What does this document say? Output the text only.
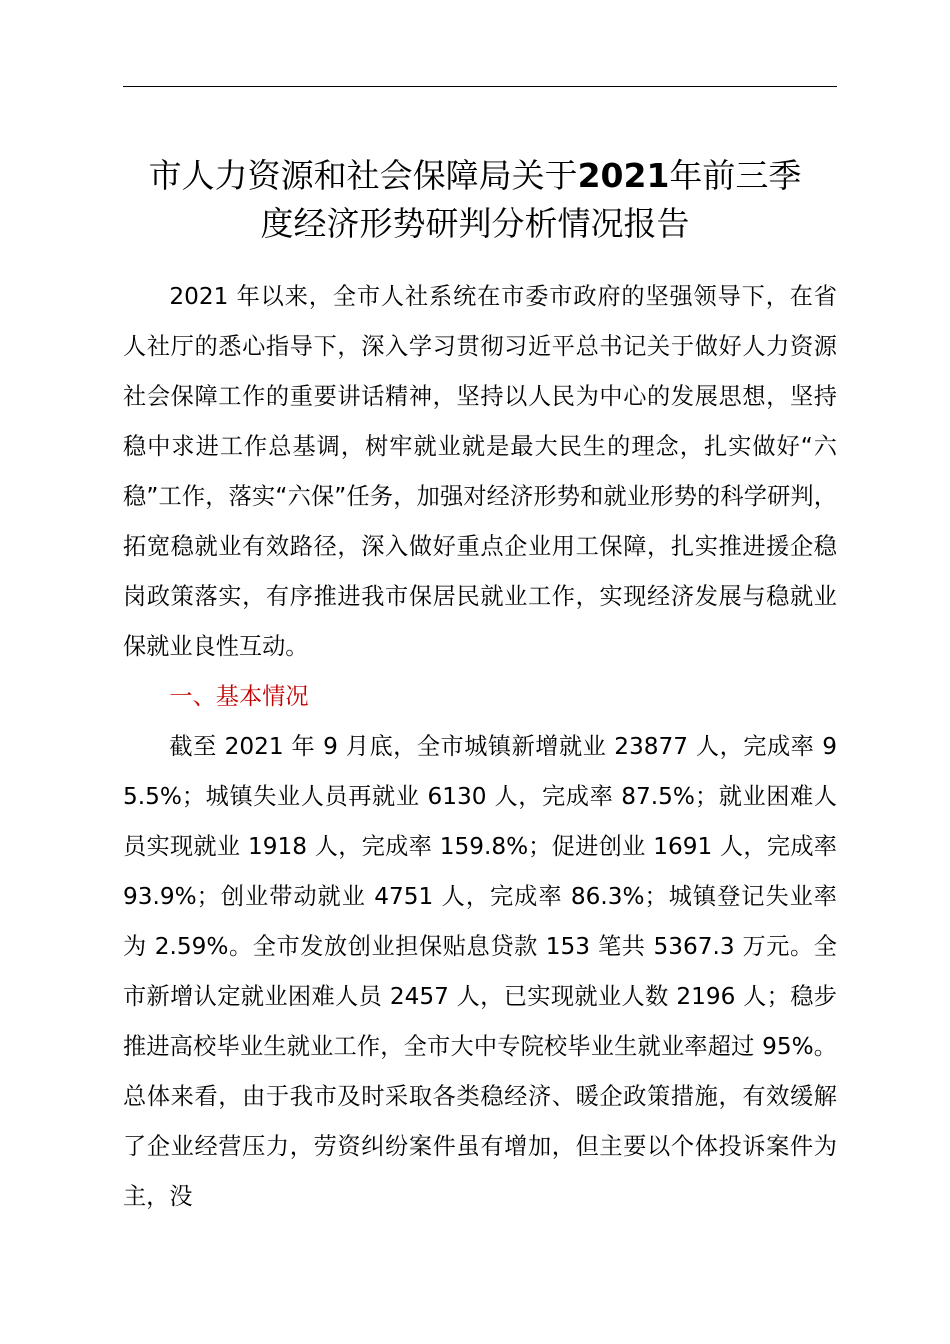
市人力资源和社会保障局关于2021年前三季
度经济形势研判分析情况报告

2021 年以来，全市人社系统在市委市政府的坚强领导下，在省人社厅的悉心指导下，深入学习贯彻习近平总书记关于做好人力资源社会保障工作的重要讲话精神，坚持以人民为中心的发展思想，坚持稳中求进工作总基调，树牢就业就是最大民生的理念，扎实做好“六稳”工作，落实“六保”任务，加强对经济形势和就业形势的科学研判，拓宽稳就业有效路径，深入做好重点企业用工保障，扎实推进援企稳岗政策落实，有序推进我市保居民就业工作，实现经济发展与稳就业保就业良性互动。

一、基本情况

截至 2021 年 9 月底，全市城镇新增就业 23877 人，完成率 95.5%；城镇失业人员再就业 6130 人，完成率 87.5%；就业困难人员实现就业 1918 人，完成率 159.8%；促进创业 1691 人，完成率 93.9%；创业带动就业 4751 人，完成率 86.3%；城镇登记失业率为 2.59%。全市发放创业担保贴息贷款 153 笔共 5367.3 万元。全市新增认定就业困难人员 2457 人，已实现就业人数 2196 人；稳步推进高校毕业生就业工作，全市大中专院校毕业生就业率超过 95%。总体来看，由于我市及时采取各类稳经济、暖企政策措施，有效缓解了企业经营压力，劳资纠纷案件虽有增加，但主要以个体投诉案件为主，没
